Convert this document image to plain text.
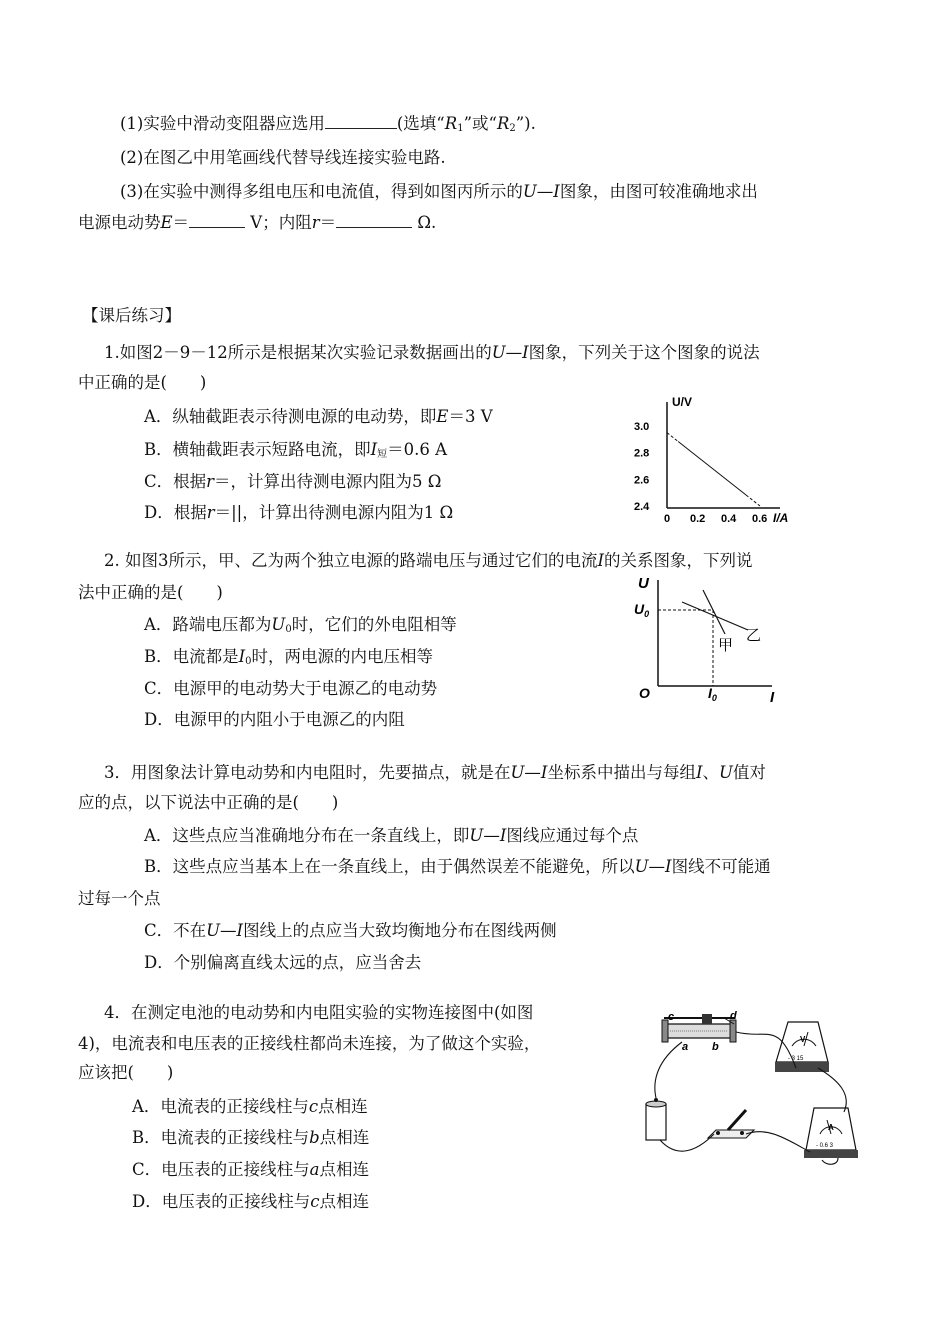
(1)实验中滑动变阻器应选用	(选填“$R_1$”或“$R_2$”).
(2)在图乙中用笔画线代替导线连接实验电路.
(3)在实验中测得多组电压和电流值，得到如图丙所示的U—I图象，由图可较准确地求出
电源电动势E＝	V；内阻r＝	Ω.
【课后练习】
1.如图2－9－12所示是根据某次实验记录数据画出的U—I图象，下列关于这个图象的说法
中正确的是(　　)
A．纵轴截距表示待测电源的电动势，即E＝3 V
B．横轴截距表示短路电流，即$I_短=0.6$ A
C．根据r＝，计算出待测电源内阻为5 Ω
D．根据r＝||，计算出待测电源内阻为1 Ω
U/V
I/A
3.0
2.8
2.6
2.4
0 0.2 0.4 0.6
2. 如图3所示，甲、乙为两个独立电源的路端电压与通过它们的电流I的关系图象，下列说
法中正确的是(　　)
A．路端电压都为$U_0$时，它们的外电阻相等
B．电流都是$I_0$时，两电源的内电压相等
C．电源甲的电动势大于电源乙的电动势
D．电源甲的内阻小于电源乙的内阻
U
I
$U_0$
$I_0$
O
甲
乙
3．用图象法计算电动势和内电阻时，先要描点，就是在U—I坐标系中描出与每组I、U值对
应的点，以下说法中正确的是(　　)
A．这些点应当准确地分布在一条直线上，即U—I图线应通过每个点
B．这些点应当基本上在一条直线上，由于偶然误差不能避免，所以U—I图线不可能通
过每一个点
C．不在U—I图线上的点应当大致均衡地分布在图线两侧
D．个别偏离直线太远的点，应当舍去
4．在测定电池的电动势和内电阻实验的实物连接图中(如图
4)，电流表和电压表的正接线柱都尚未连接，为了做这个实验，
应该把(　　)
A．电流表的正接线柱与c点相连
B．电流表的正接线柱与b点相连
C．电压表的正接线柱与a点相连
D．电压表的正接线柱与c点相连
c	d
a b
V
- 3 15
A
- 0.6 3
